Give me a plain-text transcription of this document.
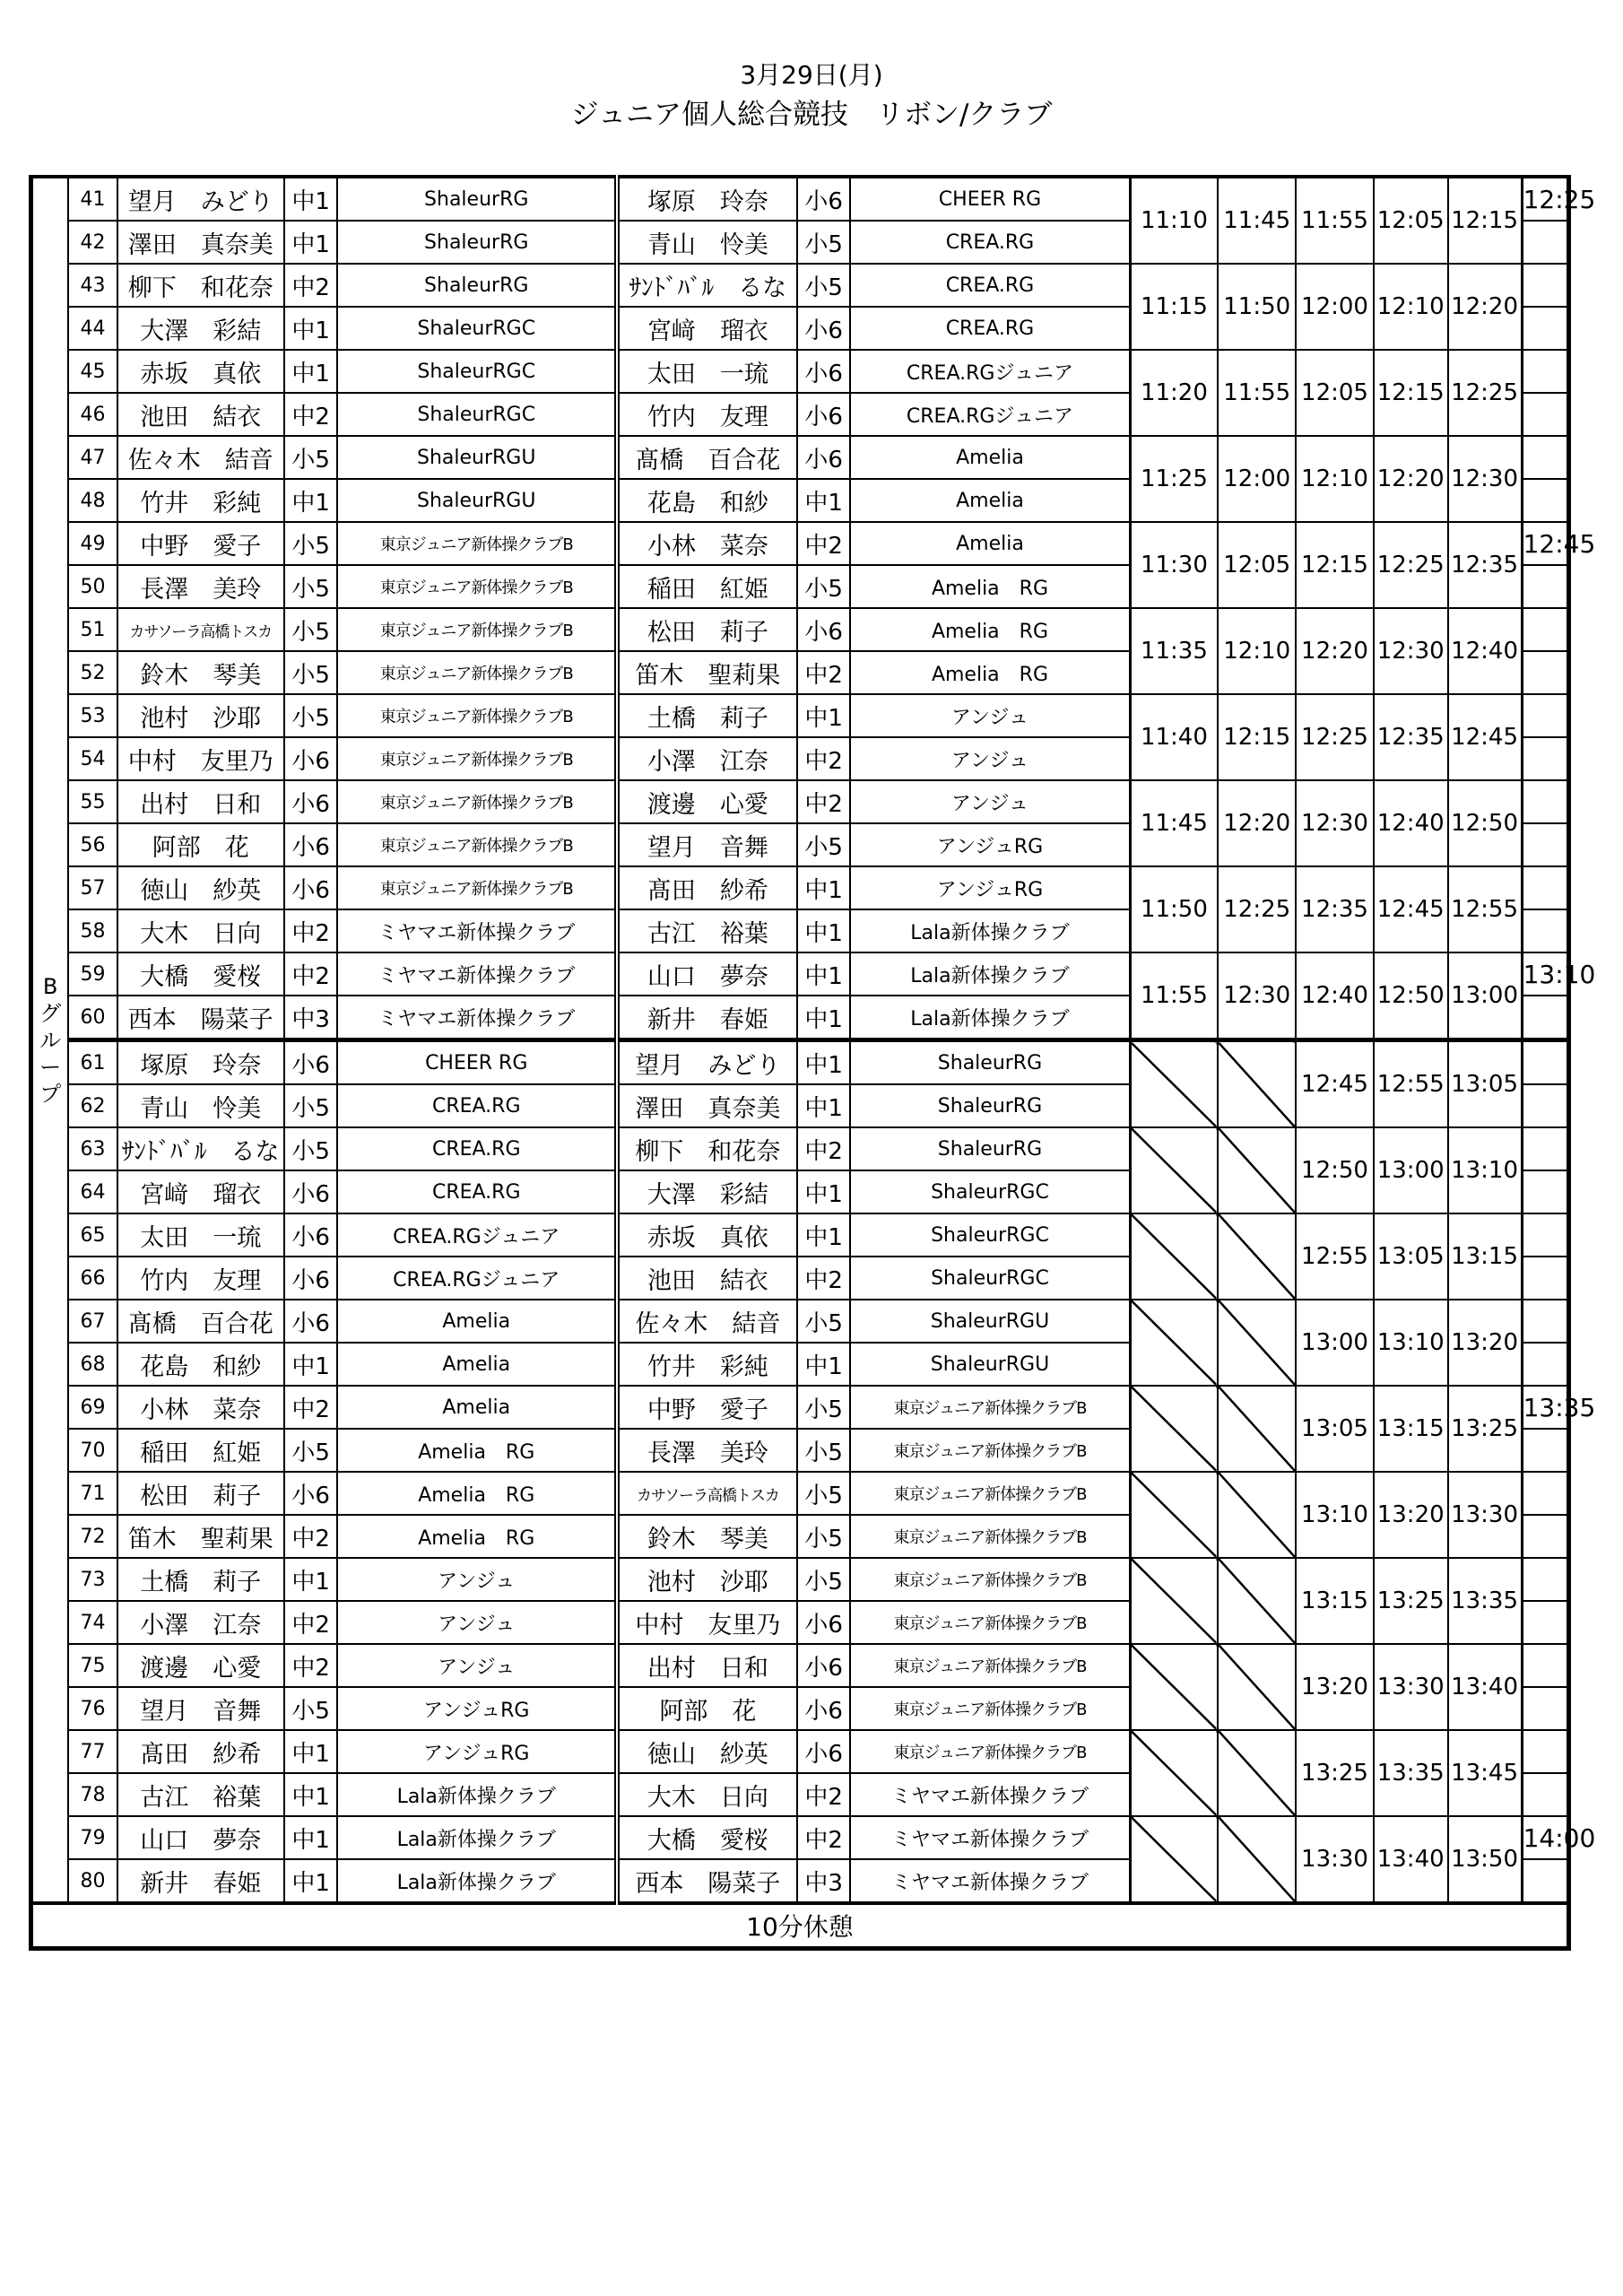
3月29日(月)
ジュニア個人総合競技　リボン/クラブ
B
グ
ル
ー
プ	41	望月　みどり	中1	ShaleurRG	塚原　玲奈	小6	CHEER RG	11:10	11:45	11:55	12:05	12:15	12:25
	42	澤田　真奈美	中1	ShaleurRG	青山　怜美	小5	CREA.RG						
	43	柳下　和花奈	中2	ShaleurRG	ｻﾝﾄﾞﾊﾞﾙ　るな	小5	CREA.RG	11:15	11:50	12:00	12:10	12:20	
	44	大澤　彩結	中1	ShaleurRGC	宮﨑　瑠衣	小6	CREA.RG						
	45	赤坂　真依	中1	ShaleurRGC	太田　一琉	小6	CREA.RGジュニア	11:20	11:55	12:05	12:15	12:25	
	46	池田　結衣	中2	ShaleurRGC	竹内　友理	小6	CREA.RGジュニア						
	47	佐々木　結音	小5	ShaleurRGU	髙橋　百合花	小6	Amelia	11:25	12:00	12:10	12:20	12:30	
	48	竹井　彩純	中1	ShaleurRGU	花島　和紗	中1	Amelia						
	49	中野　愛子	小5	東京ジュニア新体操クラブB	小林　菜奈	中2	Amelia	11:30	12:05	12:15	12:25	12:35	12:45
	50	長澤　美玲	小5	東京ジュニア新体操クラブB	稲田　紅姫	小5	Amelia　RG						
	51	カサソーラ高橋トスカ	小5	東京ジュニア新体操クラブB	松田　莉子	小6	Amelia　RG	11:35	12:10	12:20	12:30	12:40	
	52	鈴木　琴美	小5	東京ジュニア新体操クラブB	笛木　聖莉果	中2	Amelia　RG						
	53	池村　沙耶	小5	東京ジュニア新体操クラブB	土橋　莉子	中1	アンジュ	11:40	12:15	12:25	12:35	12:45	
	54	中村　友里乃	小6	東京ジュニア新体操クラブB	小澤　江奈	中2	アンジュ						
	55	出村　日和	小6	東京ジュニア新体操クラブB	渡邊　心愛	中2	アンジュ	11:45	12:20	12:30	12:40	12:50	
	56	阿部　花	小6	東京ジュニア新体操クラブB	望月　音舞	小5	アンジュRG						
	57	徳山　紗英	小6	東京ジュニア新体操クラブB	髙田　紗希	中1	アンジュRG	11:50	12:25	12:35	12:45	12:55	
	58	大木　日向	中2	ミヤマエ新体操クラブ	古江　裕葉	中1	Lala新体操クラブ						
	59	大橋　愛桜	中2	ミヤマエ新体操クラブ	山口　夢奈	中1	Lala新体操クラブ	11:55	12:30	12:40	12:50	13:00	13:10
	60	西本　陽菜子	中3	ミヤマエ新体操クラブ	新井　春姫	中1	Lala新体操クラブ						
	61	塚原　玲奈	小6	CHEER RG	望月　みどり	中1	ShaleurRG			12:45	12:55	13:05	
	62	青山　怜美	小5	CREA.RG	澤田　真奈美	中1	ShaleurRG						
	63	ｻﾝﾄﾞﾊﾞﾙ　るな	小5	CREA.RG	柳下　和花奈	中2	ShaleurRG			12:50	13:00	13:10	
	64	宮﨑　瑠衣	小6	CREA.RG	大澤　彩結	中1	ShaleurRGC						
	65	太田　一琉	小6	CREA.RGジュニア	赤坂　真依	中1	ShaleurRGC			12:55	13:05	13:15	
	66	竹内　友理	小6	CREA.RGジュニア	池田　結衣	中2	ShaleurRGC						
	67	髙橋　百合花	小6	Amelia	佐々木　結音	小5	ShaleurRGU			13:00	13:10	13:20	
	68	花島　和紗	中1	Amelia	竹井　彩純	中1	ShaleurRGU						
	69	小林　菜奈	中2	Amelia	中野　愛子	小5	東京ジュニア新体操クラブB			13:05	13:15	13:25	13:35
	70	稲田　紅姫	小5	Amelia　RG	長澤　美玲	小5	東京ジュニア新体操クラブB						
	71	松田　莉子	小6	Amelia　RG	カサソーラ高橋トスカ	小5	東京ジュニア新体操クラブB			13:10	13:20	13:30	
	72	笛木　聖莉果	中2	Amelia　RG	鈴木　琴美	小5	東京ジュニア新体操クラブB						
	73	土橋　莉子	中1	アンジュ	池村　沙耶	小5	東京ジュニア新体操クラブB			13:15	13:25	13:35	
	74	小澤　江奈	中2	アンジュ	中村　友里乃	小6	東京ジュニア新体操クラブB						
	75	渡邊　心愛	中2	アンジュ	出村　日和	小6	東京ジュニア新体操クラブB			13:20	13:30	13:40	
	76	望月　音舞	小5	アンジュRG	阿部　花	小6	東京ジュニア新体操クラブB						
	77	髙田　紗希	中1	アンジュRG	徳山　紗英	小6	東京ジュニア新体操クラブB			13:25	13:35	13:45	
	78	古江　裕葉	中1	Lala新体操クラブ	大木　日向	中2	ミヤマエ新体操クラブ						
	79	山口　夢奈	中1	Lala新体操クラブ	大橋　愛桜	中2	ミヤマエ新体操クラブ			13:30	13:40	13:50	14:00
	80	新井　春姫	中1	Lala新体操クラブ	西本　陽菜子	中3	ミヤマエ新体操クラブ						
10分休憩													
